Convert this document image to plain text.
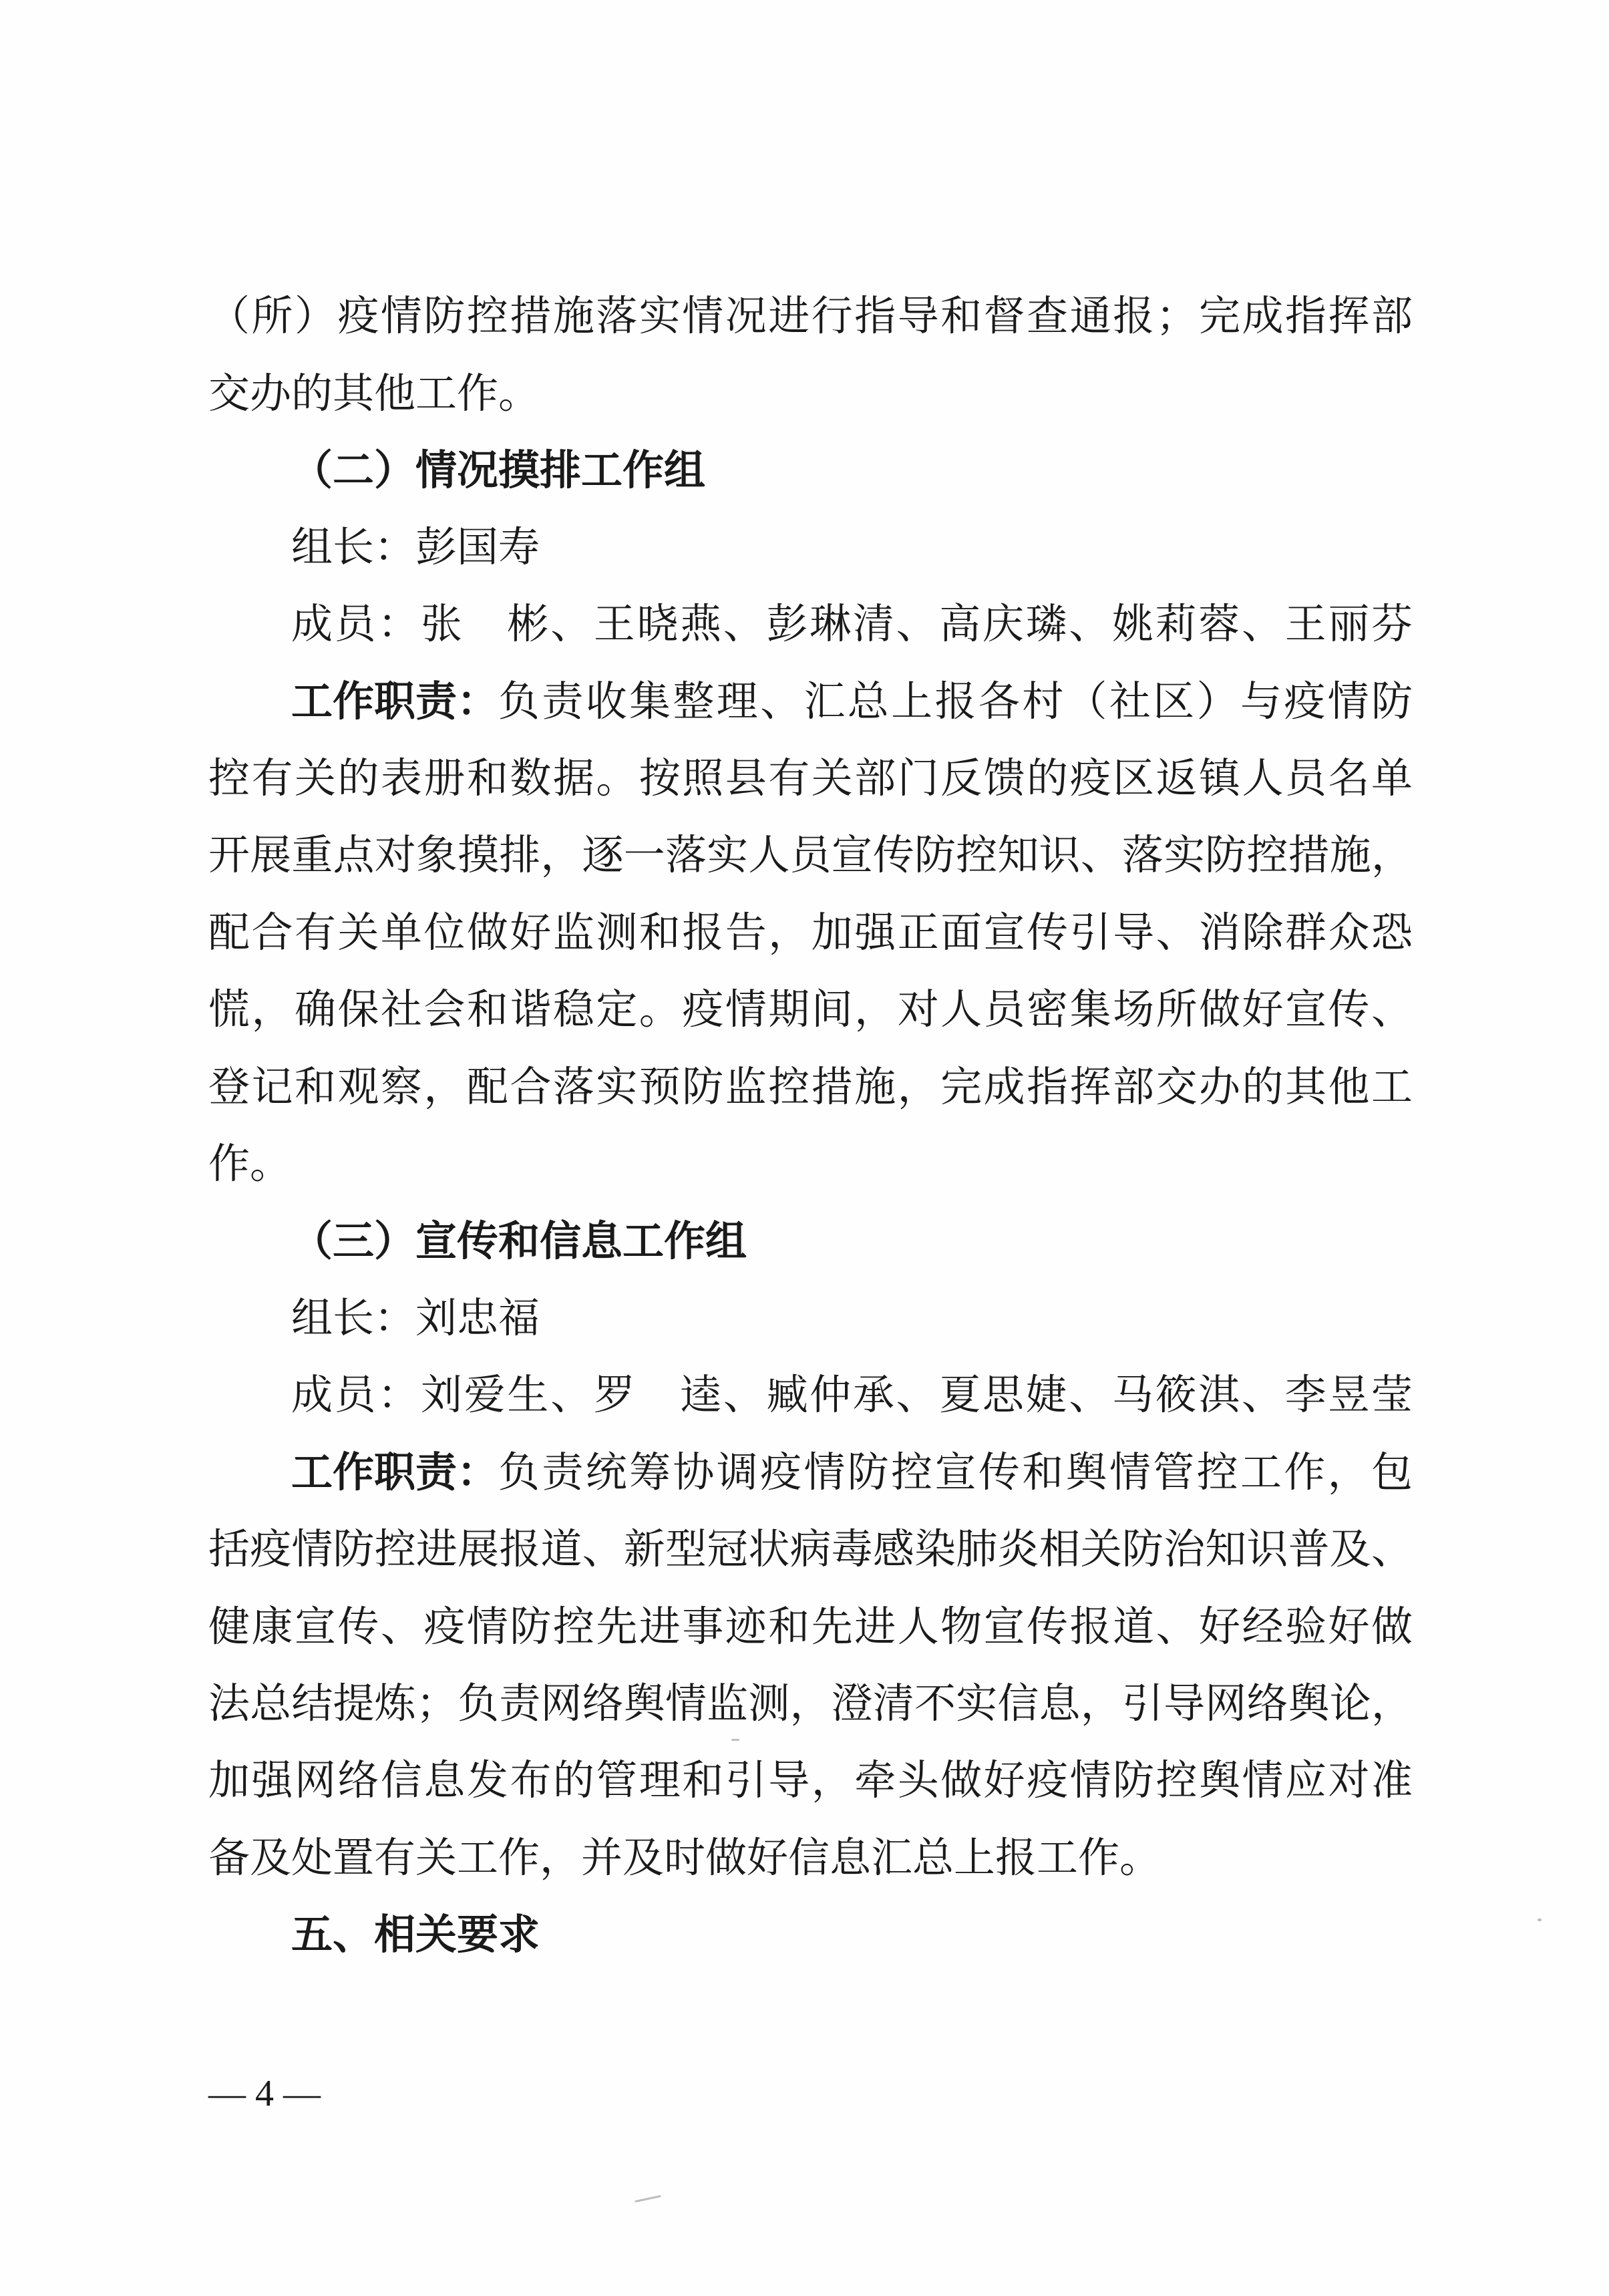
（所）疫情防控措施落实情况进行指导和督查通报；完成指挥部
交办的其他工作。
（二）情况摸排工作组
组长：彭国寿
成员：张　彬、王晓燕、彭琳清、高庆璘、姚莉蓉、王丽芬
工作职责： 负责收集整理、汇总上报各村（社区）与疫情防
控有关的表册和数据。按照县有关部门反馈的疫区返镇人员名单
开展重点对象摸排，逐一落实人员宣传防控知识、落实防控措施，
配合有关单位做好监测和报告，加强正面宣传引导、消除群众恐
慌，确保社会和谐稳定。疫情期间，对人员密集场所做好宣传、
登记和观察，配合落实预防监控措施，完成指挥部交办的其他工
作。
（三）宣传和信息工作组
组长：刘忠福
成员：刘爱生、罗　逵、臧仲承、夏思婕、马筱淇、李昱莹
工作职责： 负责统筹协调疫情防控宣传和舆情管控工作，包
括疫情防控进展报道、新型冠状病毒感染肺炎相关防治知识普及、
健康宣传、疫情防控先进事迹和先进人物宣传报道、好经验好做
法总结提炼；负责网络舆情监测，澄清不实信息，引导网络舆论，
加强网络信息发布的管理和引导，牵头做好疫情防控舆情应对准
备及处置有关工作，并及时做好信息汇总上报工作。
五、相关要求
— 4 —
